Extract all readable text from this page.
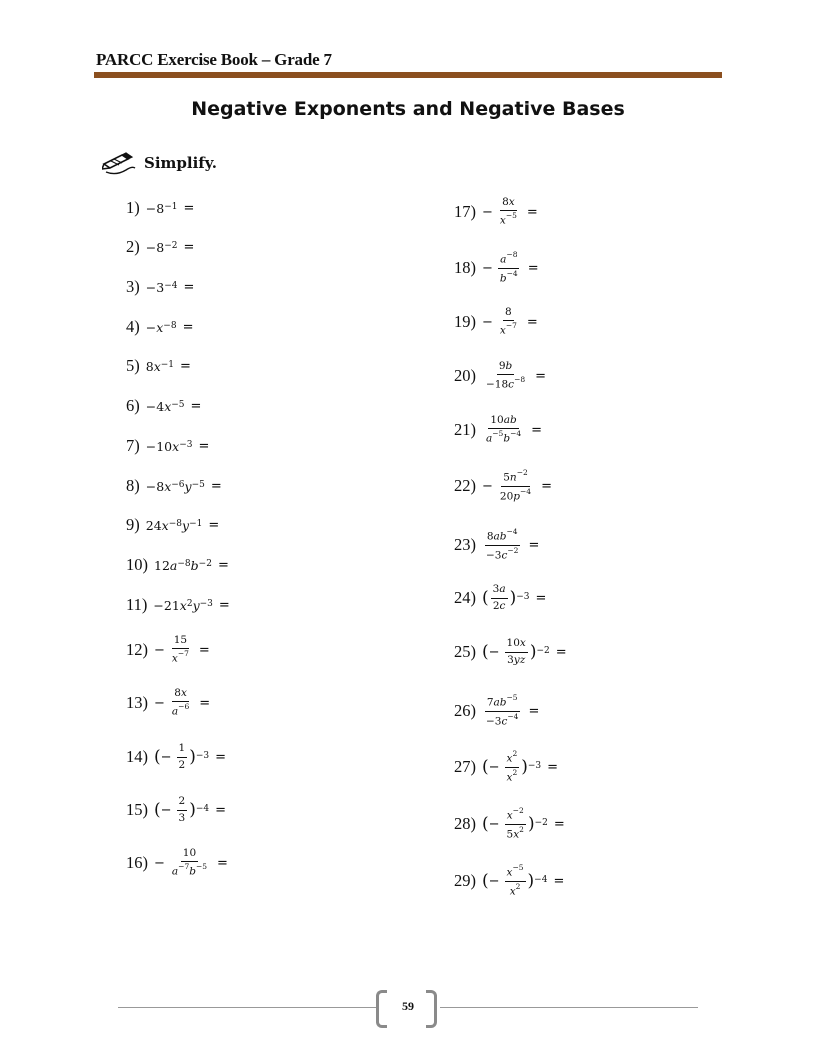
PARCC Exercise Book – Grade 7
Negative Exponents and Negative Bases
Simplify.
$1) -8^{-1}$ =
$2) -8^{-2}$ =
$3) -3^{-4}$ =
$4) - x^{-8}$ =
5) 8 $x^{-1}$ =
6) −4 $x^{-5}$ =
7) −10 $x^{-3}$ =
8) −8 $x^{-6}$ $y^{-5}$ =
9) 24 $x^{-8}$ $y^{-1}$ =
10) 12 $a^{-8}$ $b^{-2}$ =
11) −21 $x^2$ $y^{-3}$ =
$12) - \frac{15}{x^{-7}}$ =
$13) - \frac{8x}{a^{-6}}$ =
14) ( − $\frac{1}{2} )^{-3}$ =
15) ( − $\frac{2}{3} )^{-4}$ =
$16) - \frac{10}{a^{-7}b^{-5}}$ =
$17) - \frac{8x}{x^{-5}}$ =
$18) - \frac{a^{-8}}{b^{-4}}$ =
$19) - \frac{8}{x^{-7}}$ =
$20) \frac{9b}{-18c^{-8}}$ =
$21) \frac{10ab}{a^{-5}b^{-4}}$ =
$22) - \frac{5n^{-2}}{20p^{-4}}$ =
$23) \frac{8ab^{-4}}{-3c^{-2}}$ =
24) ( $\frac{3a}{2c} )^{-3}$ =
25) ( − $\frac{10x}{3yz} )^{-2}$ =
$26) \frac{7ab^{-5}}{-3c^{-4}}$ =
27) ( − $\frac{x^2}{x^2} )^{-3}$ =
28) ( − $\frac{x^{-2}}{5x^2} )^{-2}$ =
29) ( − $\frac{x^{-5}}{x^2} )^{-4}$ =
59
